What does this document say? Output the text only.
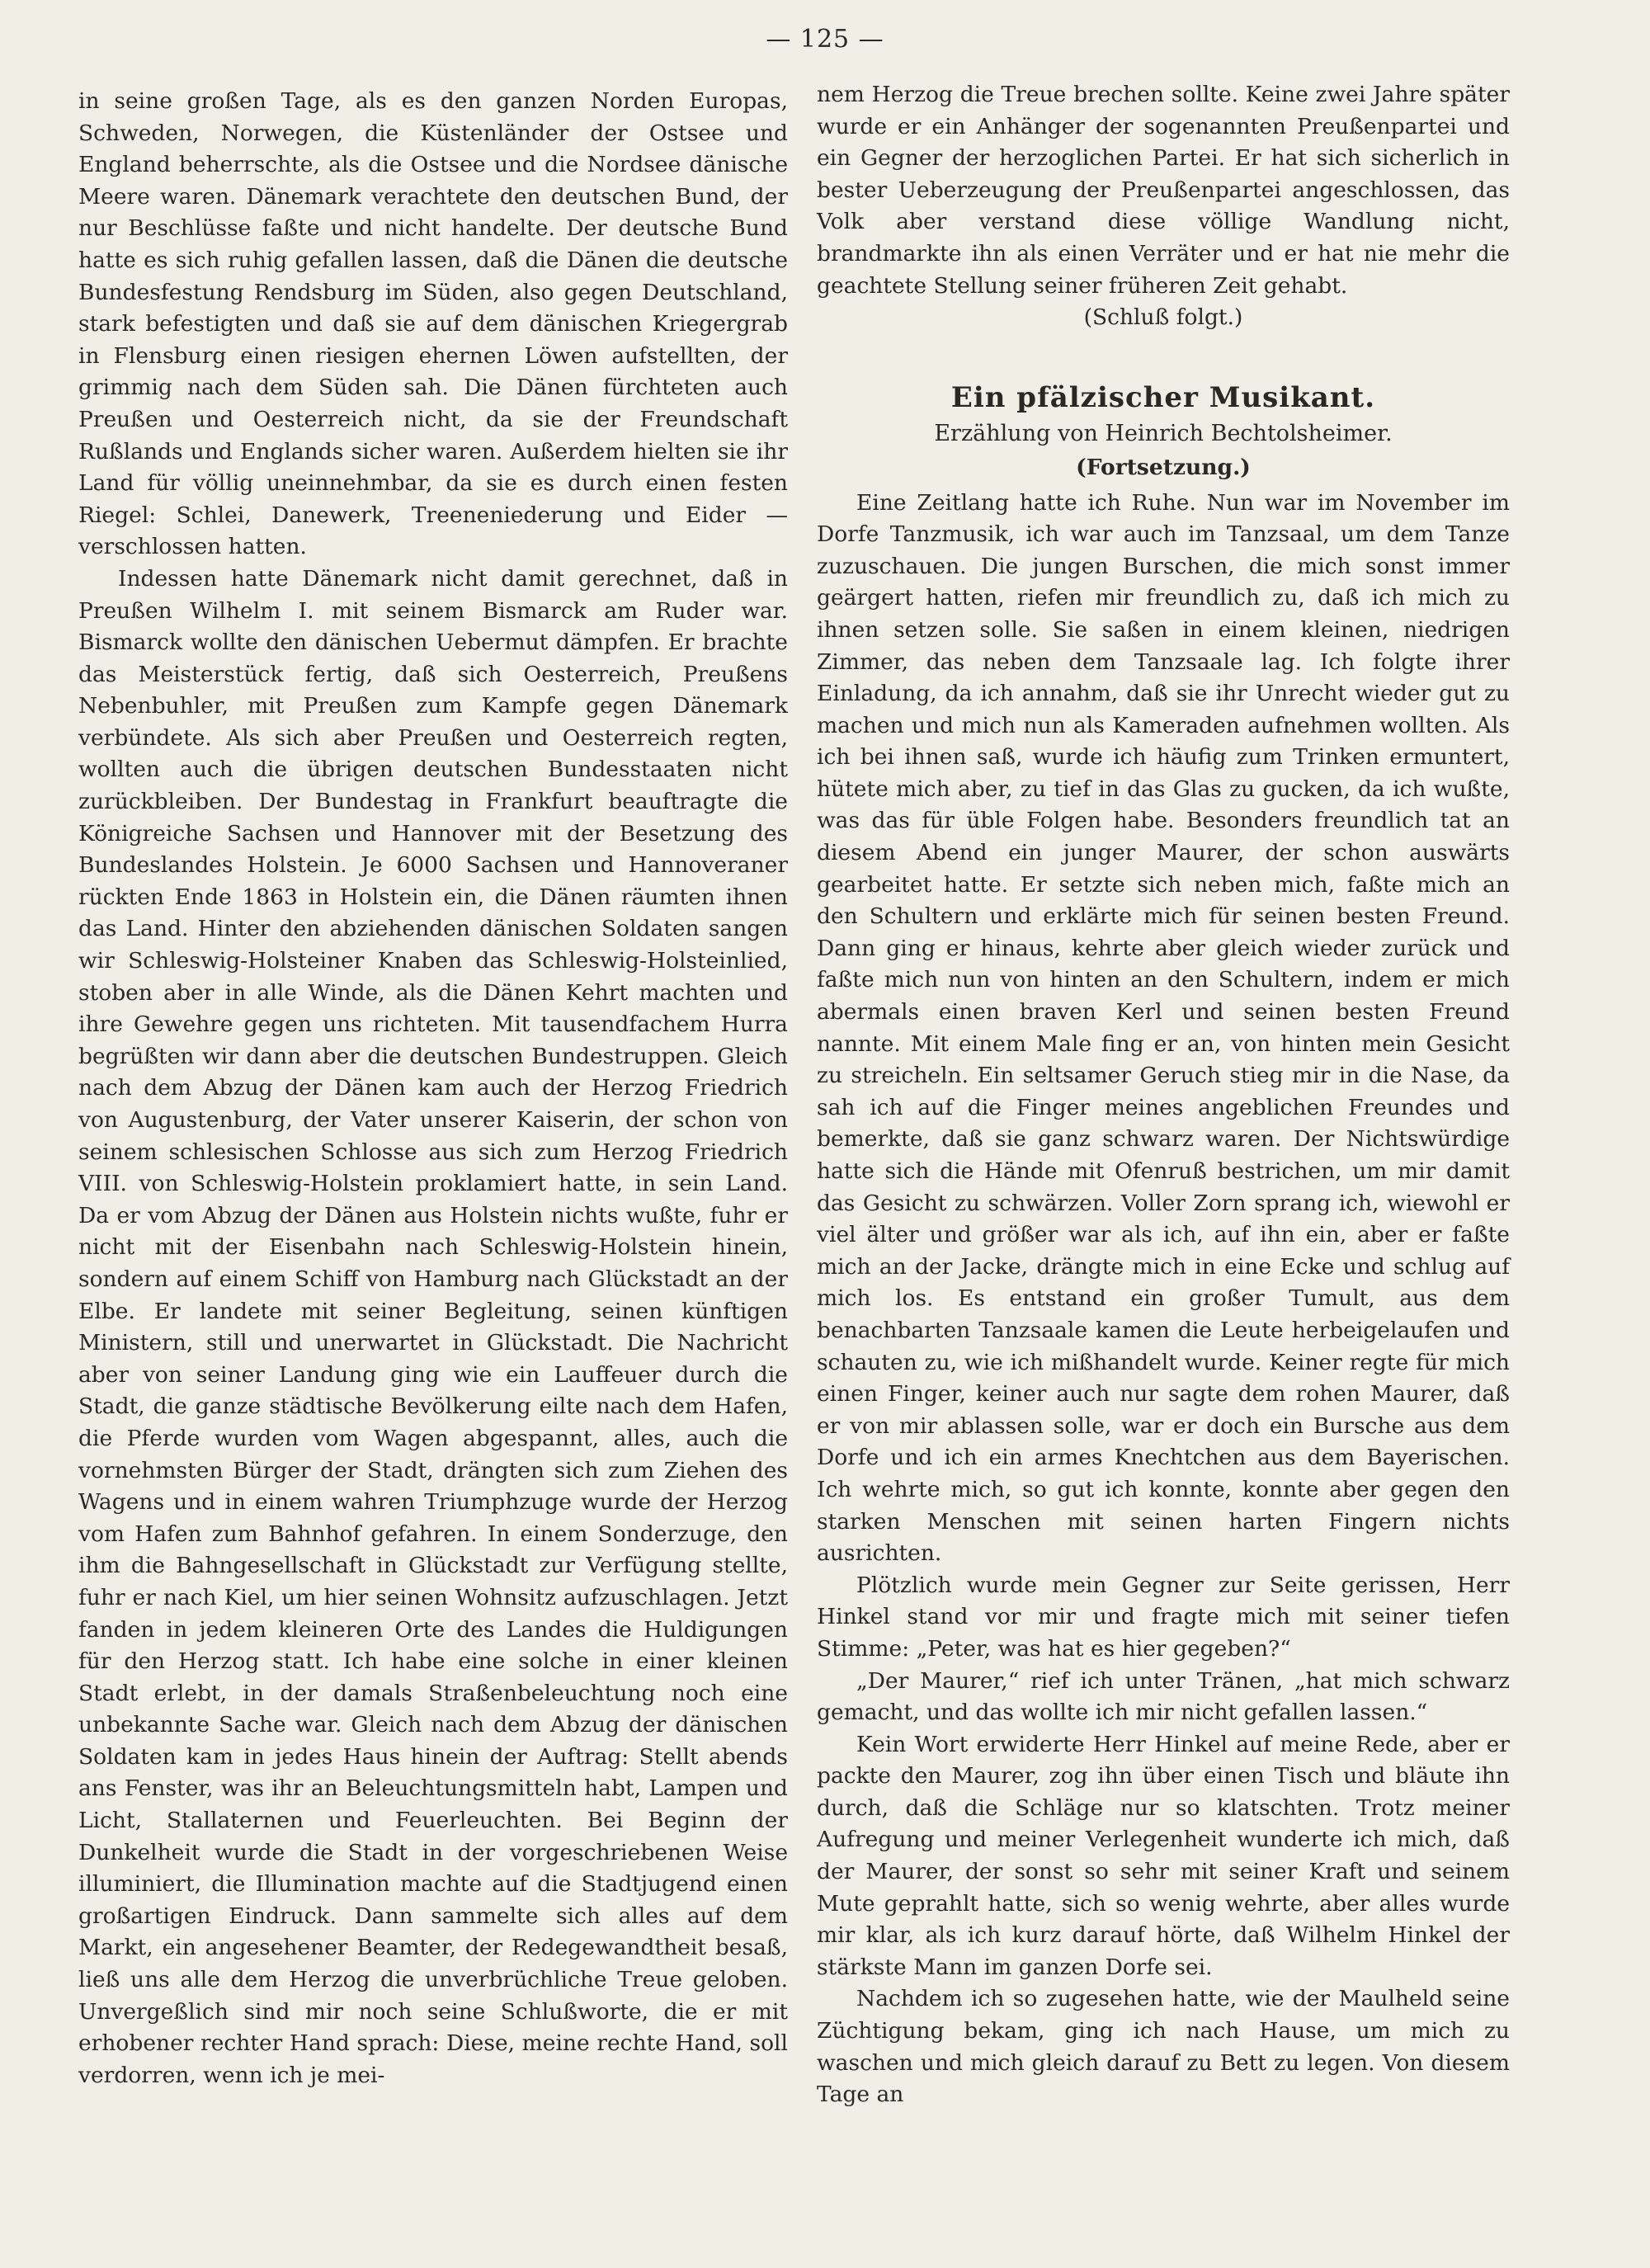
— 125 —

in seine großen Tage, als es den ganzen Norden Europas, Schweden, Norwegen, die Küstenländer der Ostsee und England beherrschte, als die Ostsee und die Nordsee dänische Meere waren. Dänemark verachtete den deutschen Bund, der nur Beschlüsse faßte und nicht handelte. Der deutsche Bund hatte es sich ruhig gefallen lassen, daß die Dänen die deutsche Bundesfestung Rendsburg im Süden, also gegen Deutschland, stark befestigten und daß sie auf dem dänischen Kriegergrab in Flensburg einen riesigen ehernen Löwen aufstellten, der grimmig nach dem Süden sah. Die Dänen fürchteten auch Preußen und Oesterreich nicht, da sie der Freundschaft Rußlands und Englands sicher waren. Außerdem hielten sie ihr Land für völlig uneinnehmbar, da sie es durch einen festen Riegel: Schlei, Danewerk, Treeneniederung und Eider — verschlossen hatten.

Indessen hatte Dänemark nicht damit gerechnet, daß in Preußen Wilhelm I. mit seinem Bismarck am Ruder war. Bismarck wollte den dänischen Uebermut dämpfen. Er brachte das Meisterstück fertig, daß sich Oesterreich, Preußens Nebenbuhler, mit Preußen zum Kampfe gegen Dänemark verbündete. Als sich aber Preußen und Oesterreich regten, wollten auch die übrigen deutschen Bundesstaaten nicht zurückbleiben. Der Bundestag in Frankfurt beauftragte die Königreiche Sachsen und Hannover mit der Besetzung des Bundeslandes Holstein. Je 6000 Sachsen und Hannoveraner rückten Ende 1863 in Holstein ein, die Dänen räumten ihnen das Land. Hinter den abziehenden dänischen Soldaten sangen wir Schleswig-Holsteiner Knaben das Schleswig-Holsteinlied, stoben aber in alle Winde, als die Dänen Kehrt machten und ihre Gewehre gegen uns richteten. Mit tausendfachem Hurra begrüßten wir dann aber die deutschen Bundestruppen. Gleich nach dem Abzug der Dänen kam auch der Herzog Friedrich von Augustenburg, der Vater unserer Kaiserin, der schon von seinem schlesischen Schlosse aus sich zum Herzog Friedrich VIII. von Schleswig-Holstein proklamiert hatte, in sein Land. Da er vom Abzug der Dänen aus Holstein nichts wußte, fuhr er nicht mit der Eisenbahn nach Schleswig-Holstein hinein, sondern auf einem Schiff von Hamburg nach Glückstadt an der Elbe. Er landete mit seiner Begleitung, seinen künftigen Ministern, still und unerwartet in Glückstadt. Die Nachricht aber von seiner Landung ging wie ein Lauffeuer durch die Stadt, die ganze städtische Bevölkerung eilte nach dem Hafen, die Pferde wurden vom Wagen abgespannt, alles, auch die vornehmsten Bürger der Stadt, drängten sich zum Ziehen des Wagens und in einem wahren Triumphzuge wurde der Herzog vom Hafen zum Bahnhof gefahren. In einem Sonderzuge, den ihm die Bahngesellschaft in Glückstadt zur Verfügung stellte, fuhr er nach Kiel, um hier seinen Wohnsitz aufzuschlagen. Jetzt fanden in jedem kleineren Orte des Landes die Huldigungen für den Herzog statt. Ich habe eine solche in einer kleinen Stadt erlebt, in der damals Straßenbeleuchtung noch eine unbekannte Sache war. Gleich nach dem Abzug der dänischen Soldaten kam in jedes Haus hinein der Auftrag: Stellt abends ans Fenster, was ihr an Beleuchtungsmitteln habt, Lampen und Licht, Stallaternen und Feuerleuchten. Bei Beginn der Dunkelheit wurde die Stadt in der vorgeschriebenen Weise illuminiert, die Illumination machte auf die Stadtjugend einen großartigen Eindruck. Dann sammelte sich alles auf dem Markt, ein angesehener Beamter, der Redegewandtheit besaß, ließ uns alle dem Herzog die unverbrüchliche Treue geloben. Unvergeßlich sind mir noch seine Schlußworte, die er mit erhobener rechter Hand sprach: Diese, meine rechte Hand, soll verdorren, wenn ich je mei-

nem Herzog die Treue brechen sollte. Keine zwei Jahre später wurde er ein Anhänger der sogenannten Preußenpartei und ein Gegner der herzoglichen Partei. Er hat sich sicherlich in bester Ueberzeugung der Preußenpartei angeschlossen, das Volk aber verstand diese völlige Wandlung nicht, brandmarkte ihn als einen Verräter und er hat nie mehr die geachtete Stellung seiner früheren Zeit gehabt.

(Schluß folgt.)

Ein pfälzischer Musikant.
Erzählung von Heinrich Bechtolsheimer.
(Fortsetzung.)

Eine Zeitlang hatte ich Ruhe. Nun war im November im Dorfe Tanzmusik, ich war auch im Tanzsaal, um dem Tanze zuzuschauen. Die jungen Burschen, die mich sonst immer geärgert hatten, riefen mir freundlich zu, daß ich mich zu ihnen setzen solle. Sie saßen in einem kleinen, niedrigen Zimmer, das neben dem Tanzsaale lag. Ich folgte ihrer Einladung, da ich annahm, daß sie ihr Unrecht wieder gut zu machen und mich nun als Kameraden aufnehmen wollten. Als ich bei ihnen saß, wurde ich häufig zum Trinken ermuntert, hütete mich aber, zu tief in das Glas zu gucken, da ich wußte, was das für üble Folgen habe. Besonders freundlich tat an diesem Abend ein junger Maurer, der schon auswärts gearbeitet hatte. Er setzte sich neben mich, faßte mich an den Schultern und erklärte mich für seinen besten Freund. Dann ging er hinaus, kehrte aber gleich wieder zurück und faßte mich nun von hinten an den Schultern, indem er mich abermals einen braven Kerl und seinen besten Freund nannte. Mit einem Male fing er an, von hinten mein Gesicht zu streicheln. Ein seltsamer Geruch stieg mir in die Nase, da sah ich auf die Finger meines angeblichen Freundes und bemerkte, daß sie ganz schwarz waren. Der Nichtswürdige hatte sich die Hände mit Ofenruß bestrichen, um mir damit das Gesicht zu schwärzen. Voller Zorn sprang ich, wiewohl er viel älter und größer war als ich, auf ihn ein, aber er faßte mich an der Jacke, drängte mich in eine Ecke und schlug auf mich los. Es entstand ein großer Tumult, aus dem benachbarten Tanzsaale kamen die Leute herbeigelaufen und schauten zu, wie ich mißhandelt wurde. Keiner regte für mich einen Finger, keiner auch nur sagte dem rohen Maurer, daß er von mir ablassen solle, war er doch ein Bursche aus dem Dorfe und ich ein armes Knechtchen aus dem Bayerischen. Ich wehrte mich, so gut ich konnte, konnte aber gegen den starken Menschen mit seinen harten Fingern nichts ausrichten.

Plötzlich wurde mein Gegner zur Seite gerissen, Herr Hinkel stand vor mir und fragte mich mit seiner tiefen Stimme: „Peter, was hat es hier gegeben?“

„Der Maurer,“ rief ich unter Tränen, „hat mich schwarz gemacht, und das wollte ich mir nicht gefallen lassen.“

Kein Wort erwiderte Herr Hinkel auf meine Rede, aber er packte den Maurer, zog ihn über einen Tisch und bläute ihn durch, daß die Schläge nur so klatschten. Trotz meiner Aufregung und meiner Verlegenheit wunderte ich mich, daß der Maurer, der sonst so sehr mit seiner Kraft und seinem Mute geprahlt hatte, sich so wenig wehrte, aber alles wurde mir klar, als ich kurz darauf hörte, daß Wilhelm Hinkel der stärkste Mann im ganzen Dorfe sei.

Nachdem ich so zugesehen hatte, wie der Maulheld seine Züchtigung bekam, ging ich nach Hause, um mich zu waschen und mich gleich darauf zu Bett zu legen. Von diesem Tage an
